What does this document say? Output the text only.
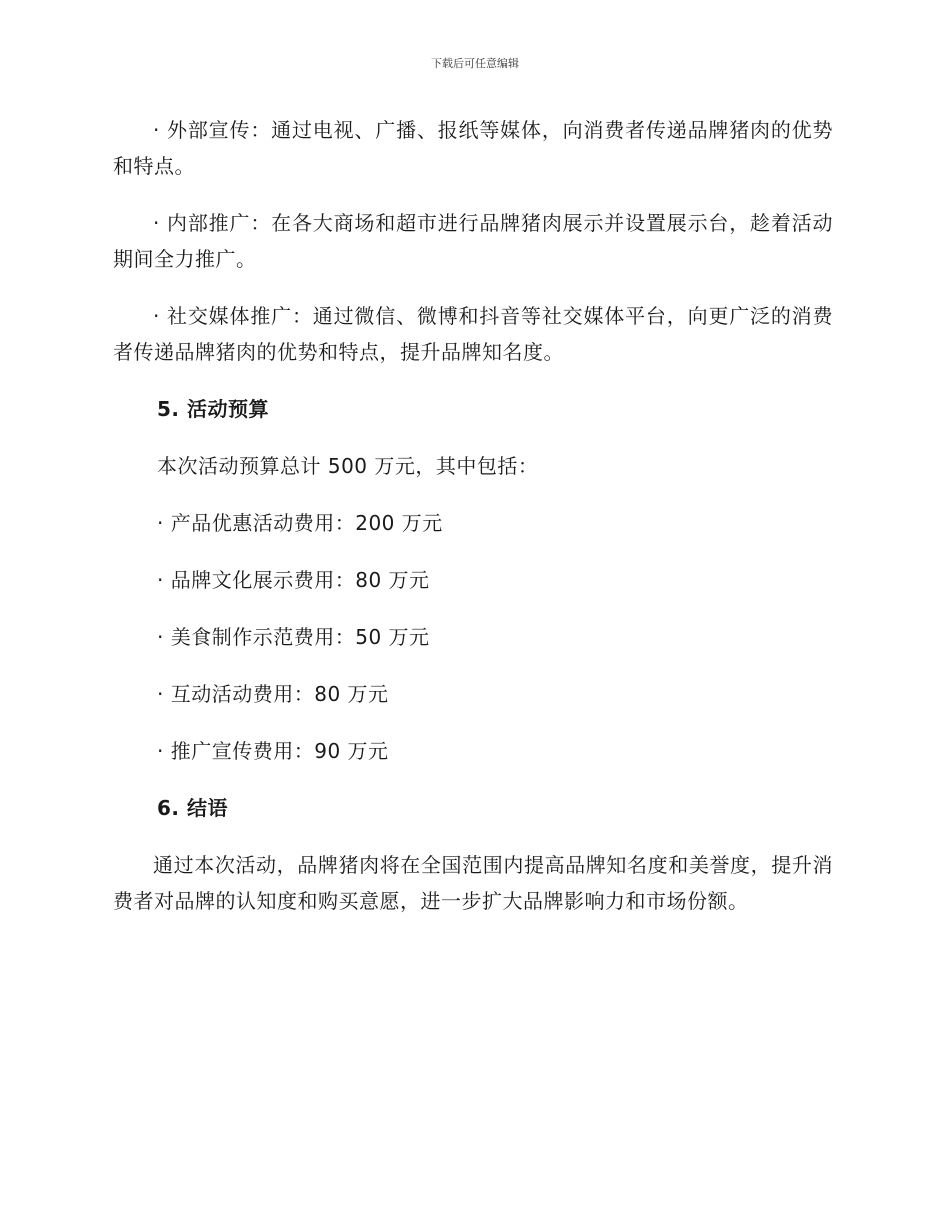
下载后可任意编辑

· 外部宣传：通过电视、广播、报纸等媒体，向消费者传递品牌猪肉的优势和特点。

· 内部推广：在各大商场和超市进行品牌猪肉展示并设置展示台，趁着活动期间全力推广。

· 社交媒体推广：通过微信、微博和抖音等社交媒体平台，向更广泛的消费者传递品牌猪肉的优势和特点，提升品牌知名度。

5. 活动预算
本次活动预算总计 500 万元，其中包括：
· 产品优惠活动费用：200 万元
· 品牌文化展示费用：80 万元
· 美食制作示范费用：50 万元
· 互动活动费用：80 万元
· 推广宣传费用：90 万元
6. 结语

通过本次活动，品牌猪肉将在全国范围内提高品牌知名度和美誉度，提升消费者对品牌的认知度和购买意愿，进一步扩大品牌影响力和市场份额。
